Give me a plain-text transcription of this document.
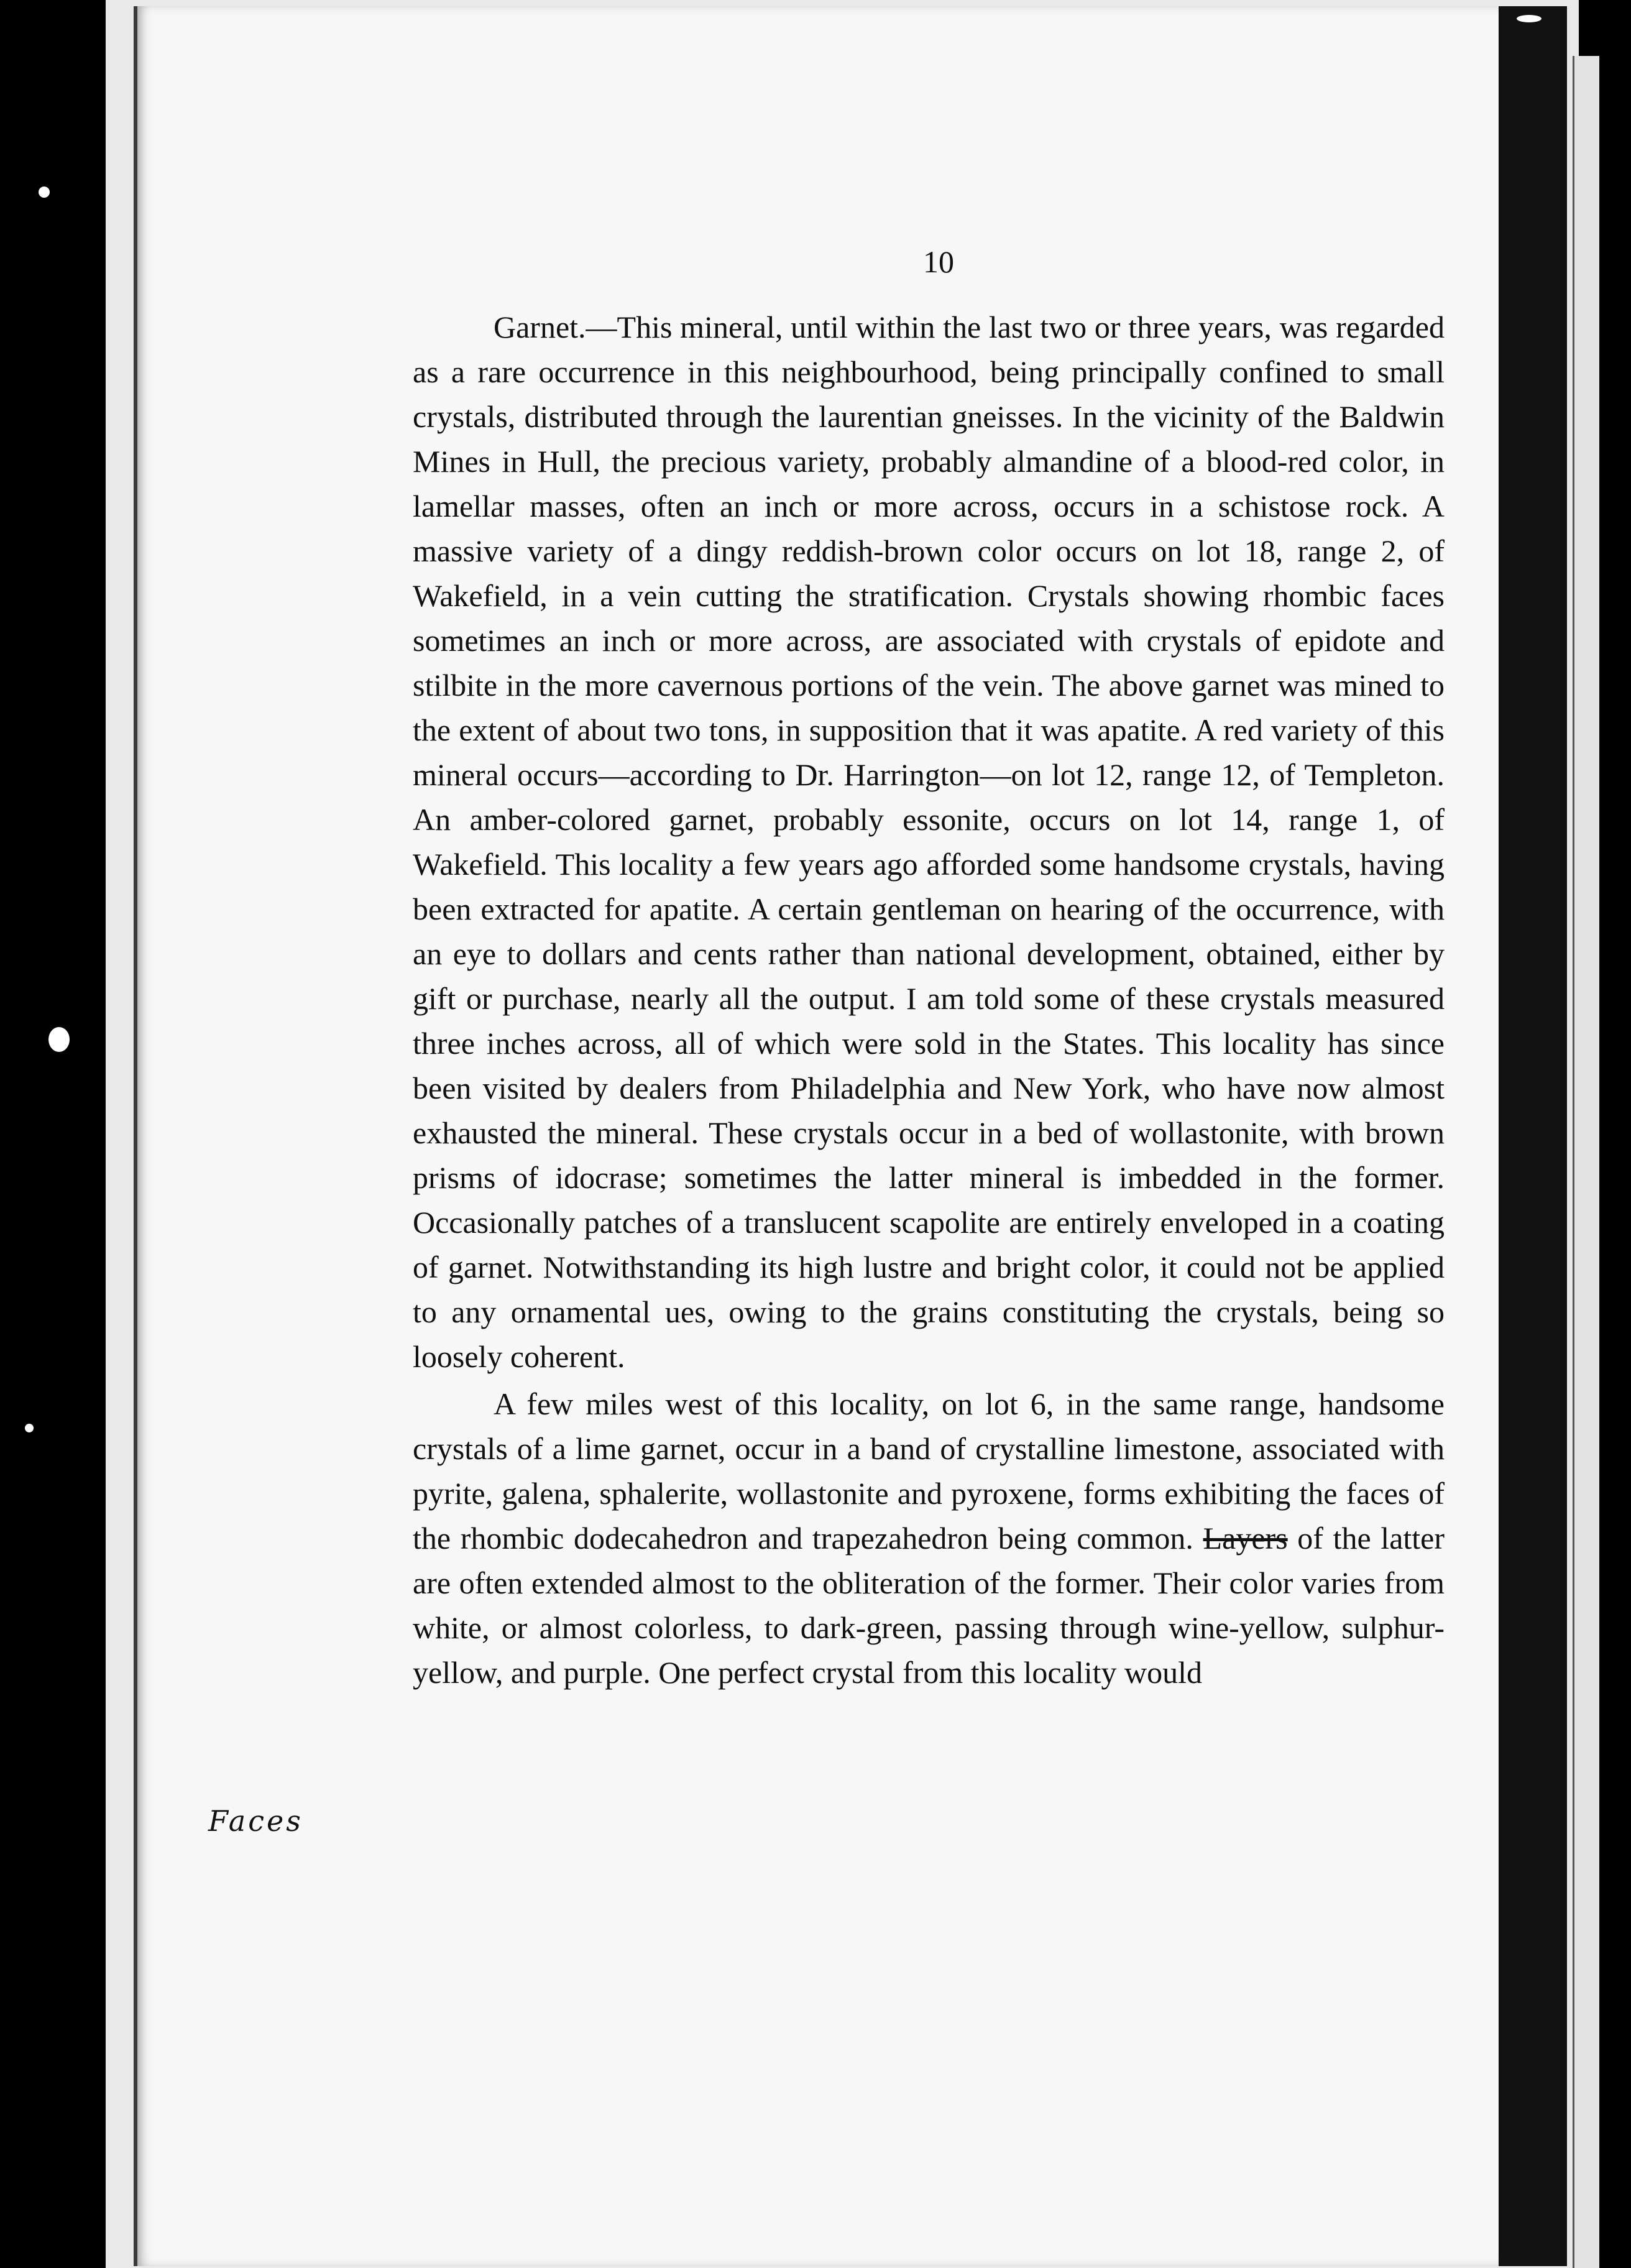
10

Garnet.—This mineral, until within the last two or three years, was regarded as a rare occurrence in this neighbourhood, being principally confined to small crystals, distributed through the laurentian gneisses. In the vicinity of the Baldwin Mines in Hull, the precious variety, probably almandine of a blood-red color, in lamellar masses, often an inch or more across, occurs in a schistose rock. A massive variety of a dingy reddish-brown color occurs on lot 18, range 2, of Wakefield, in a vein cutting the stratification. Crystals showing rhombic faces sometimes an inch or more across, are associated with crystals of epidote and stilbite in the more cavernous portions of the vein. The above garnet was mined to the extent of about two tons, in supposition that it was apatite. A red variety of this mineral occurs—according to Dr. Harrington—on lot 12, range 12, of Templeton. An amber-colored garnet, probably essonite, occurs on lot 14, range 1, of Wakefield. This locality a few years ago afforded some handsome crystals, having been extracted for apatite. A certain gentleman on hearing of the occurrence, with an eye to dollars and cents rather than national development, obtained, either by gift or purchase, nearly all the output. I am told some of these crystals measured three inches across, all of which were sold in the States. This locality has since been visited by dealers from Philadelphia and New York, who have now almost exhausted the mineral. These crystals occur in a bed of wollastonite, with brown prisms of idocrase; sometimes the latter mineral is imbedded in the former. Occasionally patches of a translucent scapolite are entirely enveloped in a coating of garnet. Notwithstanding its high lustre and bright color, it could not be applied to any ornamental ues, owing to the grains constituting the crystals, being so loosely coherent.

A few miles west of this locality, on lot 6, in the same range, handsome crystals of a lime garnet, occur in a band of crystalline limestone, associated with pyrite, galena, sphalerite, wollastonite and pyroxene, forms exhibiting the faces of the rhombic dodecahedron and trapezahedron being common. Layers of the latter are often extended almost to the obliteration of the former. Their color varies from white, or almost colorless, to dark-green, passing through wine-yellow, sulphur-yellow, and purple. One perfect crystal from this locality would

Faces
